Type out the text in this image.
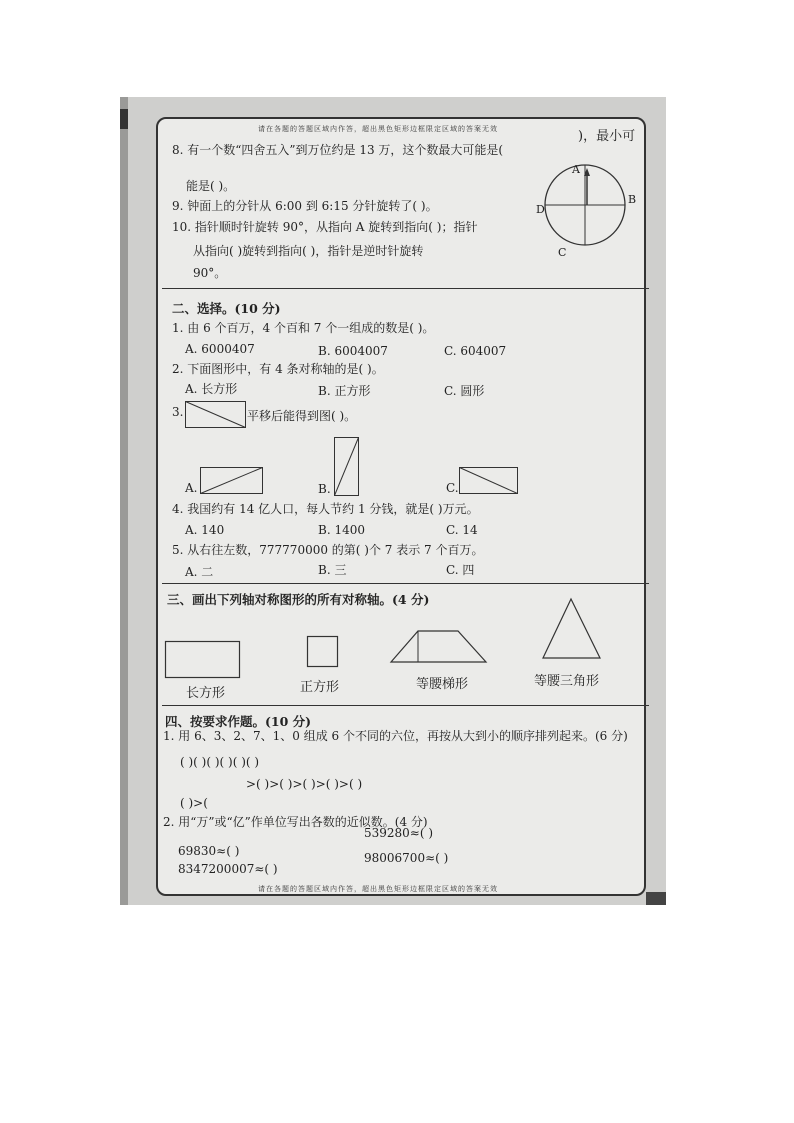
请在各题的答题区域内作答，超出黑色矩形边框限定区域的答案无效
请在各题的答题区域内作答，超出黑色矩形边框限定区域的答案无效
8. 有一个数“四舍五入”到万位约是 13 万，这个数最大可能是(
)，最小可
能是( )。
9. 钟面上的分针从 6:00 到 6:15 分针旋转了( )。
10. 指针顺时针旋转 90°，从指向 A 旋转到指向( )；指针
从指向( )旋转到指向( )，指针是逆时针旋转
90°。
A
B
C
D
二、选择。(10 分)
1. 由 6 个百万，4 个百和 7 个一组成的数是( )。
A. 6000407	B. 6004007	C. 604007
2. 下面图形中，有 4 条对称轴的是( )。
A. 长方形	B. 正方形	C. 圆形
3.	平移后能得到图( )。
A.	B.	C.
4. 我国约有 14 亿人口，每人节约 1 分钱，就是( )万元。
A. 140	B. 1400	C. 14
5. 从右往左数，777770000 的第( )个 7 表示 7 个百万。
A. 二	B. 三	C. 四
三、画出下列轴对称图形的所有对称轴。(4 分)
长方形	正方形	等腰梯形	等腰三角形
四、按要求作题。(10 分)
1. 用 6、3、2、7、1、0 组成 6 个不同的六位，再按从大到小的顺序排列起来。(6 分)
( )( )( )( )( )( )
>( )>( )>( )>( )>( )
( )>(
2. 用“万”或“亿”作单位写出各数的近似数。(4 分)
69830≈( )
539280≈( )
8347200007≈( )
98006700≈( )
